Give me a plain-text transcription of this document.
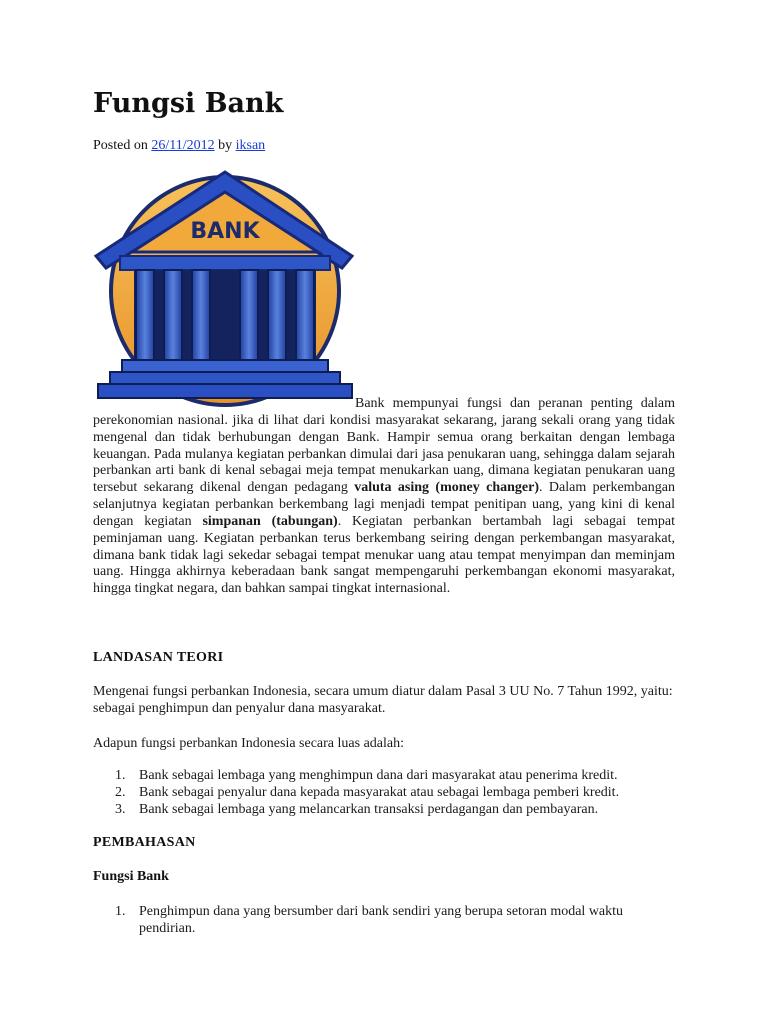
Fungsi Bank
Posted on 26/11/2012 by iksan
BANK
Bank mempunyai fungsi dan peranan penting dalam perekonomian nasional. jika di lihat dari kondisi masyarakat sekarang, jarang sekali orang yang tidak mengenal dan tidak berhubungan dengan Bank. Hampir semua orang berkaitan dengan lembaga keuangan. Pada mulanya kegiatan perbankan dimulai dari jasa penukaran uang, sehingga dalam sejarah perbankan arti bank di kenal sebagai meja tempat menukarkan uang, dimana kegiatan penukaran uang tersebut sekarang dikenal dengan pedagang valuta asing (money changer). Dalam perkembangan selanjutnya kegiatan perbankan berkembang lagi menjadi tempat penitipan uang, yang kini di kenal dengan kegiatan simpanan (tabungan). Kegiatan perbankan bertambah lagi sebagai tempat peminjaman uang. Kegiatan perbankan terus berkembang seiring dengan perkembangan masyarakat, dimana bank tidak lagi sekedar sebagai tempat menukar uang atau tempat menyimpan dan meminjam uang. Hingga akhirnya keberadaan bank sangat mempengaruhi perkembangan ekonomi masyarakat, hingga tingkat negara, dan bahkan sampai tingkat internasional.
LANDASAN TEORI
Mengenai fungsi perbankan Indonesia, secara umum diatur dalam Pasal 3 UU No. 7 Tahun 1992, yaitu: sebagai penghimpun dan penyalur dana masyarakat.
Adapun fungsi perbankan Indonesia secara luas adalah:
1. Bank sebagai lembaga yang menghimpun dana dari masyarakat atau penerima kredit.
2. Bank sebagai penyalur dana kepada masyarakat atau sebagai lembaga pemberi kredit.
3. Bank sebagai lembaga yang melancarkan transaksi perdagangan dan pembayaran.
PEMBAHASAN
Fungsi Bank
1. Penghimpun dana yang bersumber dari bank sendiri yang berupa setoran modal waktu pendirian.
